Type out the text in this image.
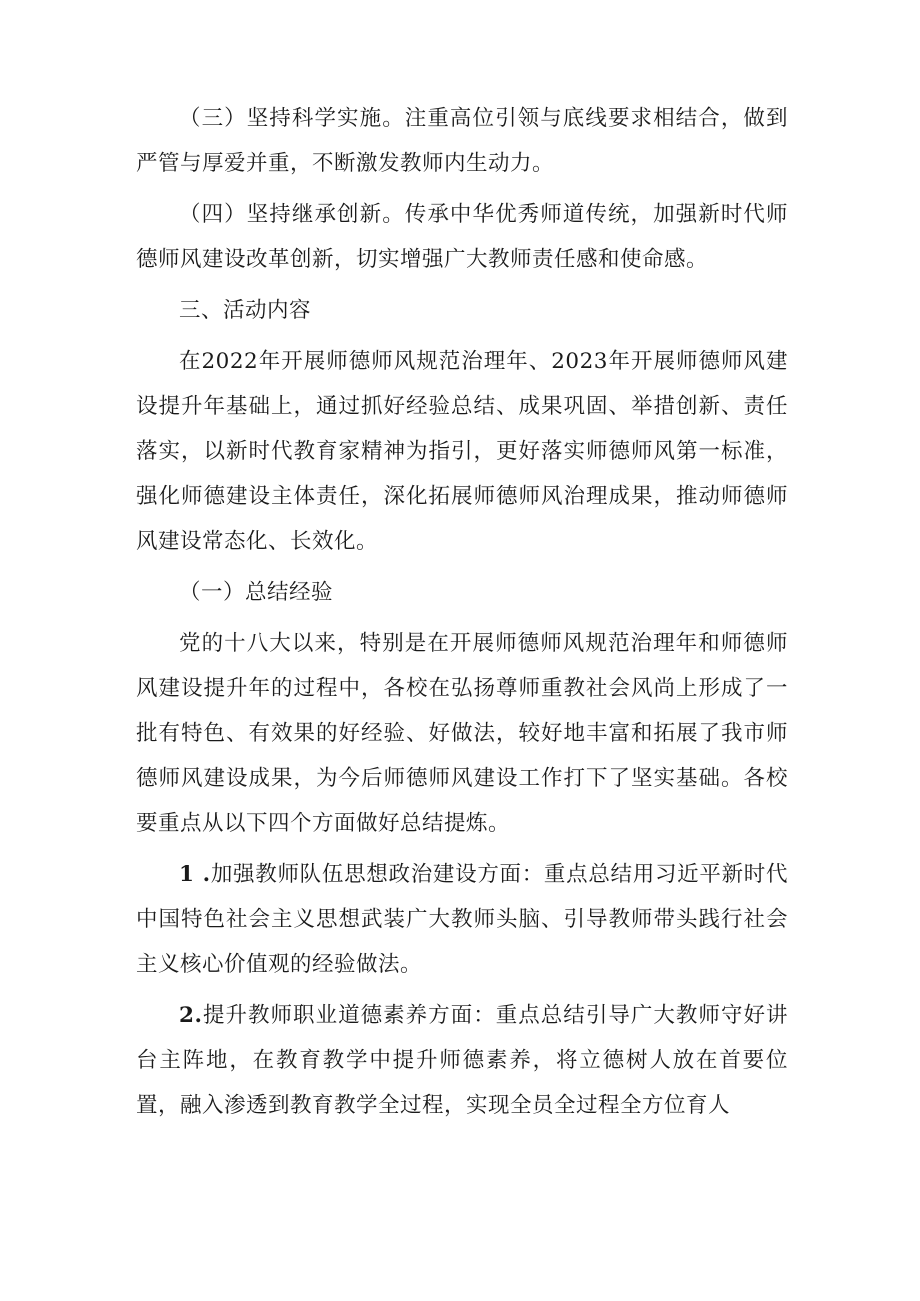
（三）坚持科学实施。注重高位引领与底线要求相结合，做到严管与厚爱并重，不断激发教师内生动力。

（四）坚持继承创新。传承中华优秀师道传统，加强新时代师德师风建设改革创新，切实增强广大教师责任感和使命感。

三、活动内容

在2022年开展师德师风规范治理年、2023年开展师德师风建设提升年基础上，通过抓好经验总结、成果巩固、举措创新、责任落实，以新时代教育家精神为指引，更好落实师德师风第一标准，强化师德建设主体责任，深化拓展师德师风治理成果，推动师德师风建设常态化、长效化。

（一）总结经验

党的十八大以来，特别是在开展师德师风规范治理年和师德师风建设提升年的过程中，各校在弘扬尊师重教社会风尚上形成了一批有特色、有效果的好经验、好做法，较好地丰富和拓展了我市师德师风建设成果，为今后师德师风建设工作打下了坚实基础。各校要重点从以下四个方面做好总结提炼。

1 .加强教师队伍思想政治建设方面：重点总结用习近平新时代中国特色社会主义思想武装广大教师头脑、引导教师带头践行社会主义核心价值观的经验做法。

2.提升教师职业道德素养方面：重点总结引导广大教师守好讲台主阵地，在教育教学中提升师德素养，将立德树人放在首要位置，融入渗透到教育教学全过程，实现全员全过程全方位育人
